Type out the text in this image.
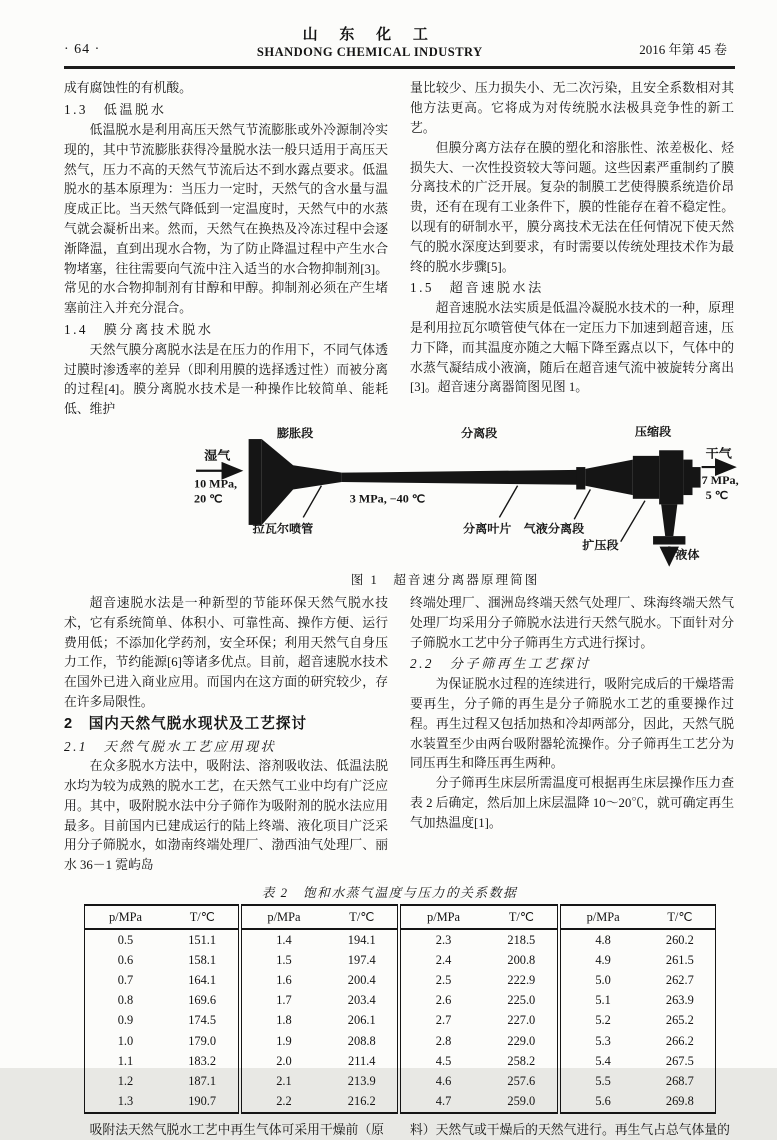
· 64 ·
山 东 化 工
SHANDONG CHEMICAL INDUSTRY	2016 年第 45 卷

成有腐蚀性的有机酸。

1.3　低温脱水

低温脱水是利用高压天然气节流膨胀或外冷源制冷实现的，其中节流膨胀获得冷量脱水法一般只适用于高压天然气，压力不高的天然气节流后达不到水露点要求。低温脱水的基本原理为：当压力一定时，天然气的含水量与温度成正比。当天然气降低到一定温度时，天然气中的水蒸气就会凝析出来。然而，天然气在换热及冷冻过程中会逐渐降温，直到出现水合物，为了防止降温过程中产生水合物堵塞，往往需要向气流中注入适当的水合物抑制剂[3]。常见的水合物抑制剂有甘醇和甲醇。抑制剂必须在产生堵塞前注入并充分混合。

1.4　膜分离技术脱水

天然气膜分离脱水法是在压力的作用下，不同气体透过膜时渗透率的差异（即利用膜的选择透过性）而被分离的过程[4]。膜分离脱水技术是一种操作比较简单、能耗低、维护

量比较少、压力损失小、无二次污染，且安全系数相对其他方法更高。它将成为对传统脱水法极具竞争性的新工艺。

但膜分离方法存在膜的塑化和溶胀性、浓差极化、烃损失大、一次性投资较大等问题。这些因素严重制约了膜分离技术的广泛开展。复杂的制膜工艺使得膜系统造价昂贵，还有在现有工业条件下，膜的性能存在着不稳定性。以现有的研制水平，膜分离技术无法在任何情况下使天然气的脱水深度达到要求，有时需要以传统处理技术作为最终的脱水步骤[5]。

1.5　超音速脱水法

超音速脱水法实质是低温冷凝脱水技术的一种，原理是利用拉瓦尔喷管使气体在一定压力下加速到超音速，压力下降，而其温度亦随之大幅下降至露点以下，气体中的水蒸气凝结成小液滴，随后在超音速气流中被旋转分离出[3]。超音速分离器简图见图 1。

湿气
10 MPa,
20 ℃
膨胀段	分离段	压缩段
3 MPa, −40 ℃
拉瓦尔喷管	分离叶片 气液分离段
扩压段
液体
干气
7 MPa,
5 ℃
图 1　超音速分离器原理简图

超音速脱水法是一种新型的节能环保天然气脱水技术，它有系统简单、体积小、可靠性高、操作方便、运行费用低；不添加化学药剂，安全环保；利用天然气自身压力工作，节约能源[6]等诸多优点。目前，超音速脱水技术在国外已进入商业应用。而国内在这方面的研究较少，存在许多局限性。

2　国内天然气脱水现状及工艺探讨

2.1　天然气脱水工艺应用现状

在众多脱水方法中，吸附法、溶剂吸收法、低温法脱水均为较为成熟的脱水工艺，在天然气工业中均有广泛应用。其中，吸附脱水法中分子筛作为吸附剂的脱水法应用最多。目前国内已建成运行的陆上终端、液化项目广泛采用分子筛脱水，如渤南终端处理厂、渤西油气处理厂、丽水 36－1 霓屿岛

终端处理厂、涠洲岛终端天然气处理厂、珠海终端天然气处理厂均采用分子筛脱水法进行天然气脱水。下面针对分子筛脱水工艺中分子筛再生方式进行探讨。

2.2　分子筛再生工艺探讨

为保证脱水过程的连续进行，吸附完成后的干燥塔需要再生，分子筛的再生是分子筛脱水工艺的重要操作过程。再生过程又包括加热和冷却两部分，因此，天然气脱水装置至少由两台吸附器轮流操作。分子筛再生工艺分为同压再生和降压再生两种。

分子筛再生床层所需温度可根据再生床层操作压力查表 2 后确定，然后加上床层温降 10～20℃，就可确定再生气加热温度[1]。

表 2　饱和水蒸气温度与压力的关系数据
p/MPa	T/℃	p/MPa	T/℃	p/MPa	T/℃	p/MPa	T/℃
0.5	151.1	1.4	194.1	2.3	218.5	4.8	260.2
0.6	158.1	1.5	197.4	2.4	200.8	4.9	261.5
0.7	164.1	1.6	200.4	2.5	222.9	5.0	262.7
0.8	169.6	1.7	203.4	2.6	225.0	5.1	263.9
0.9	174.5	1.8	206.1	2.7	227.0	5.2	265.2
1.0	179.0	1.9	208.8	2.8	229.0	5.3	266.2
1.1	183.2	2.0	211.4	4.5	258.2	5.4	267.5
1.2	187.1	2.1	213.9	4.6	257.6	5.5	268.7
1.3	190.7	2.2	216.2	4.7	259.0	5.6	269.8

吸附法天然气脱水工艺中再生气体可采用干燥前（原	料）天然气或干燥后的天然气进行。再生气占总气体量的
